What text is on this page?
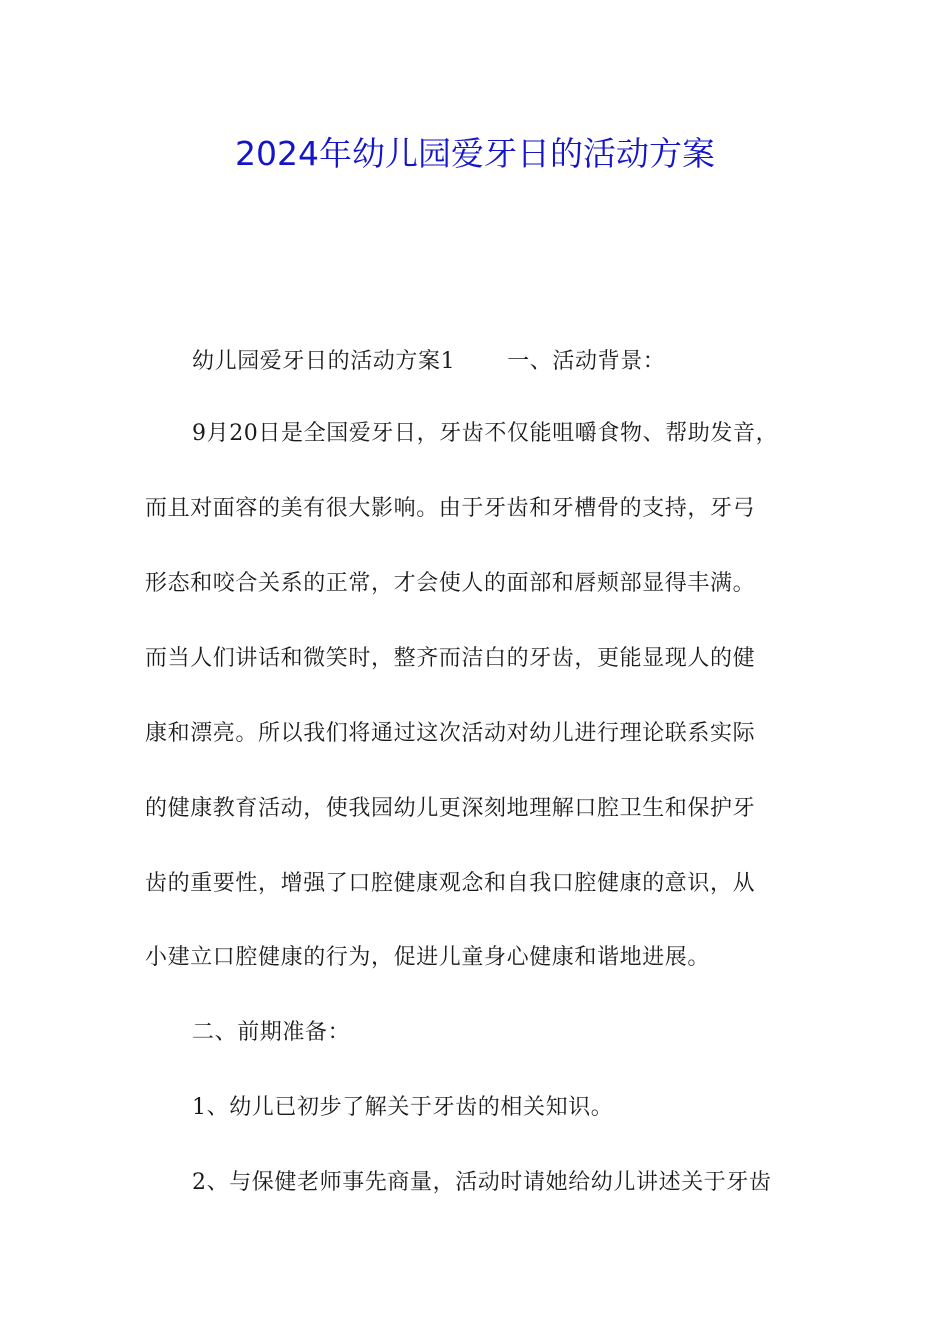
2024年幼儿园爱牙日的活动方案
幼儿园爱牙日的活动方案1 一、活动背景：
9月20日是全国爱牙日，牙齿不仅能咀嚼食物、帮助发音，
而且对面容的美有很大影响。由于牙齿和牙槽骨的支持，牙弓
形态和咬合关系的正常，才会使人的面部和唇颊部显得丰满。
而当人们讲话和微笑时，整齐而洁白的牙齿，更能显现人的健
康和漂亮。所以我们将通过这次活动对幼儿进行理论联系实际
的健康教育活动，使我园幼儿更深刻地理解口腔卫生和保护牙
齿的重要性，增强了口腔健康观念和自我口腔健康的意识，从
小建立口腔健康的行为，促进儿童身心健康和谐地进展。
二、前期准备：
1、幼儿已初步了解关于牙齿的相关知识。
2、与保健老师事先商量，活动时请她给幼儿讲述关于牙齿
